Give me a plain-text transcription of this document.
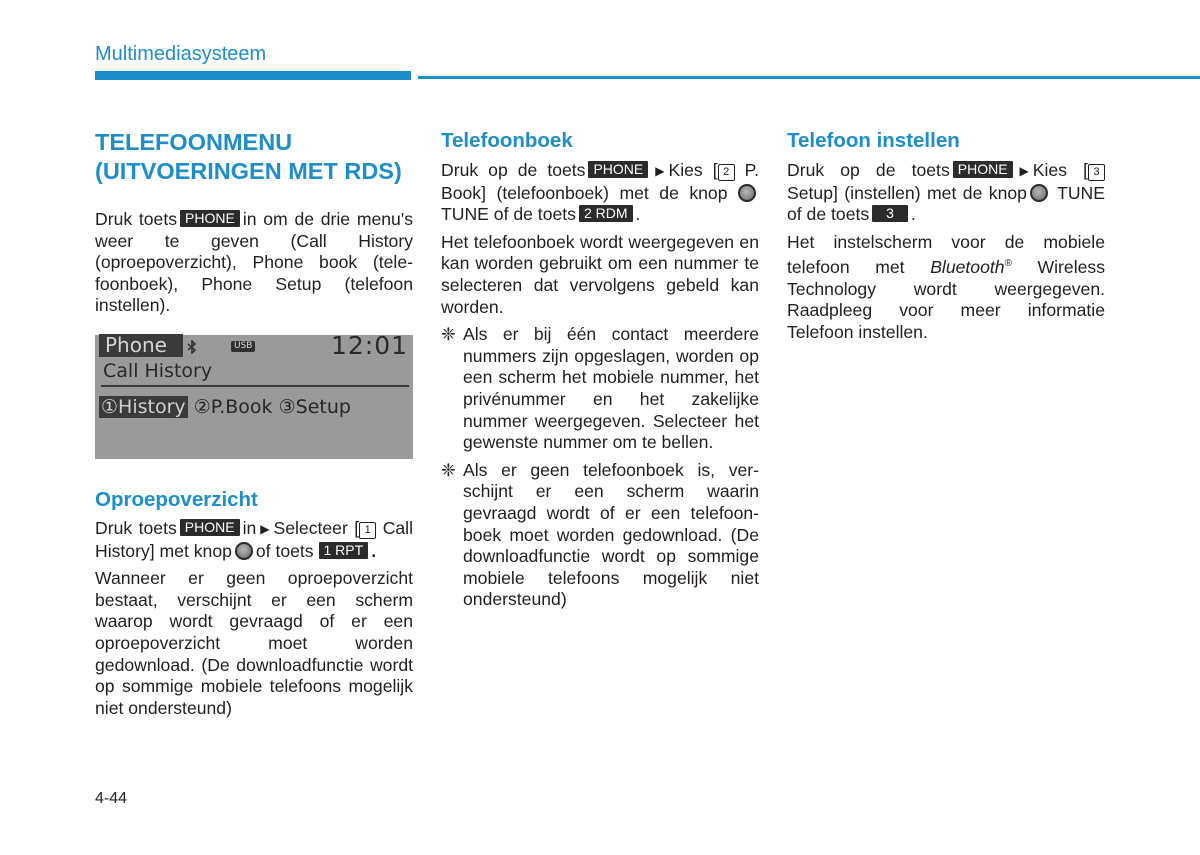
Multimediasysteem
TELEFOONMENU
(UITVOERINGEN MET RDS)

Druk toets PHONE in om de drie menu's weer te geven (Call History (oproepoverzicht), Phone book (telefoonboek), Phone Setup (telefoon instellen).

Phone	USB	12:01
Call History
①History ②P.Book ③Setup
Oproepoverzicht

Druk toets PHONE in ▶ Selecteer [ 1 Call History] met knop of toets 1 RPT .

Wanneer er geen oproepoverzicht bestaat, verschijnt er een scherm waarop wordt gevraagd of er een oproepoverzicht moet worden gedownload. (De downloadfunctie wordt op sommige mobiele telefoons mogelijk niet ondersteund)

Telefoonboek

Druk op de toets PHONE ▶ Kies [ 2 P. Book] (telefoonboek) met de knop TUNE of de toets 2 RDM .

Het telefoonboek wordt weergegeven en kan worden gebruikt om een nummer te selecteren dat vervolgens gebeld kan worden.

❈ Als er bij één contact meerdere nummers zijn opgeslagen, worden op een scherm het mobiele nummer, het privénummer en het zakelijke nummer weergegeven. Selecteer het gewenste nummer om te bellen.
❈ Als er geen telefoonboek is, verschijnt er een scherm waarin gevraagd wordt of er een telefoonboek moet worden gedownload. (De downloadfunctie wordt op sommige mobiele telefoons mogelijk niet ondersteund)
Telefoon instellen

Druk op de toets PHONE ▶ Kies [ 3 Setup] (instellen) met de knop TUNE of de toets 3 .

Het instelscherm voor de mobiele telefoon met Bluetooth® Wireless Technology wordt weergegeven. Raadpleeg voor meer informatie Telefoon instellen.

4-44
